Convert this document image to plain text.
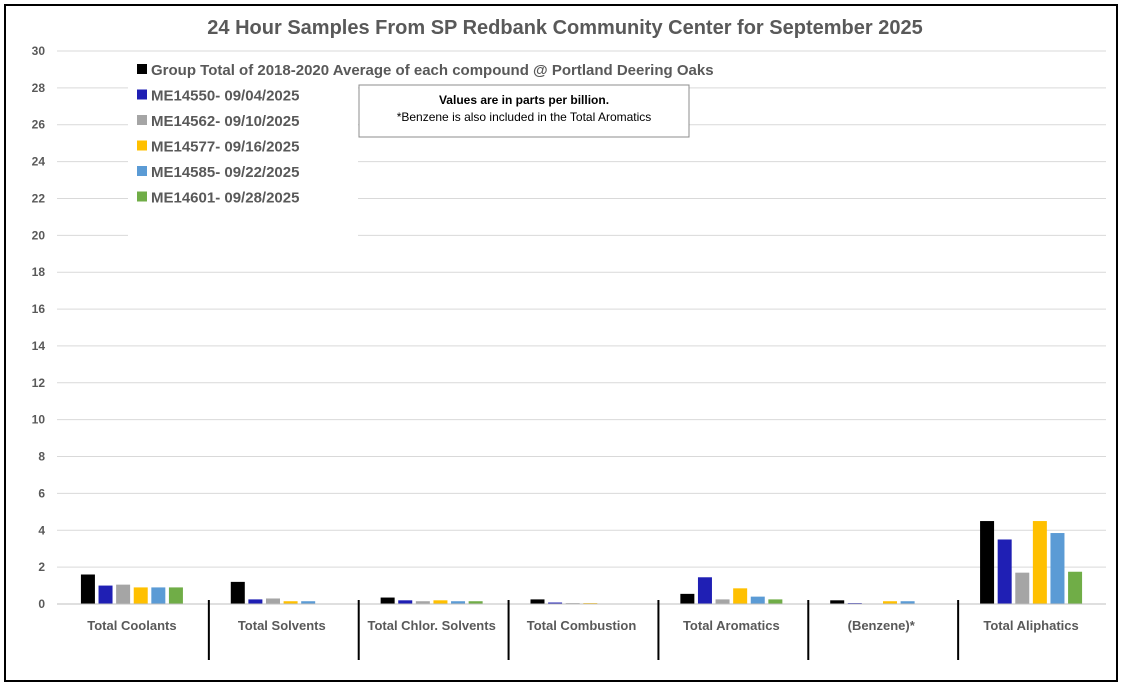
24 Hour Samples From SP Redbank Community Center for September 2025
0
2
4
6
8
10
12
14
16
18
20
22
24
26
28
30
Total Coolants	Total Solvents	Total Chlor. Solvents Total Combustion	Total Aromatics	(Benzene)*	Total Aliphatics
Group Total of 2018-2020 Average of each compound @ Portland Deering Oaks
ME14550- 09/04/2025
ME14562- 09/10/2025
ME14577- 09/16/2025
ME14585- 09/22/2025
ME14601- 09/28/2025
Values are in parts per billion.
*Benzene is also included in the Total Aromatics
